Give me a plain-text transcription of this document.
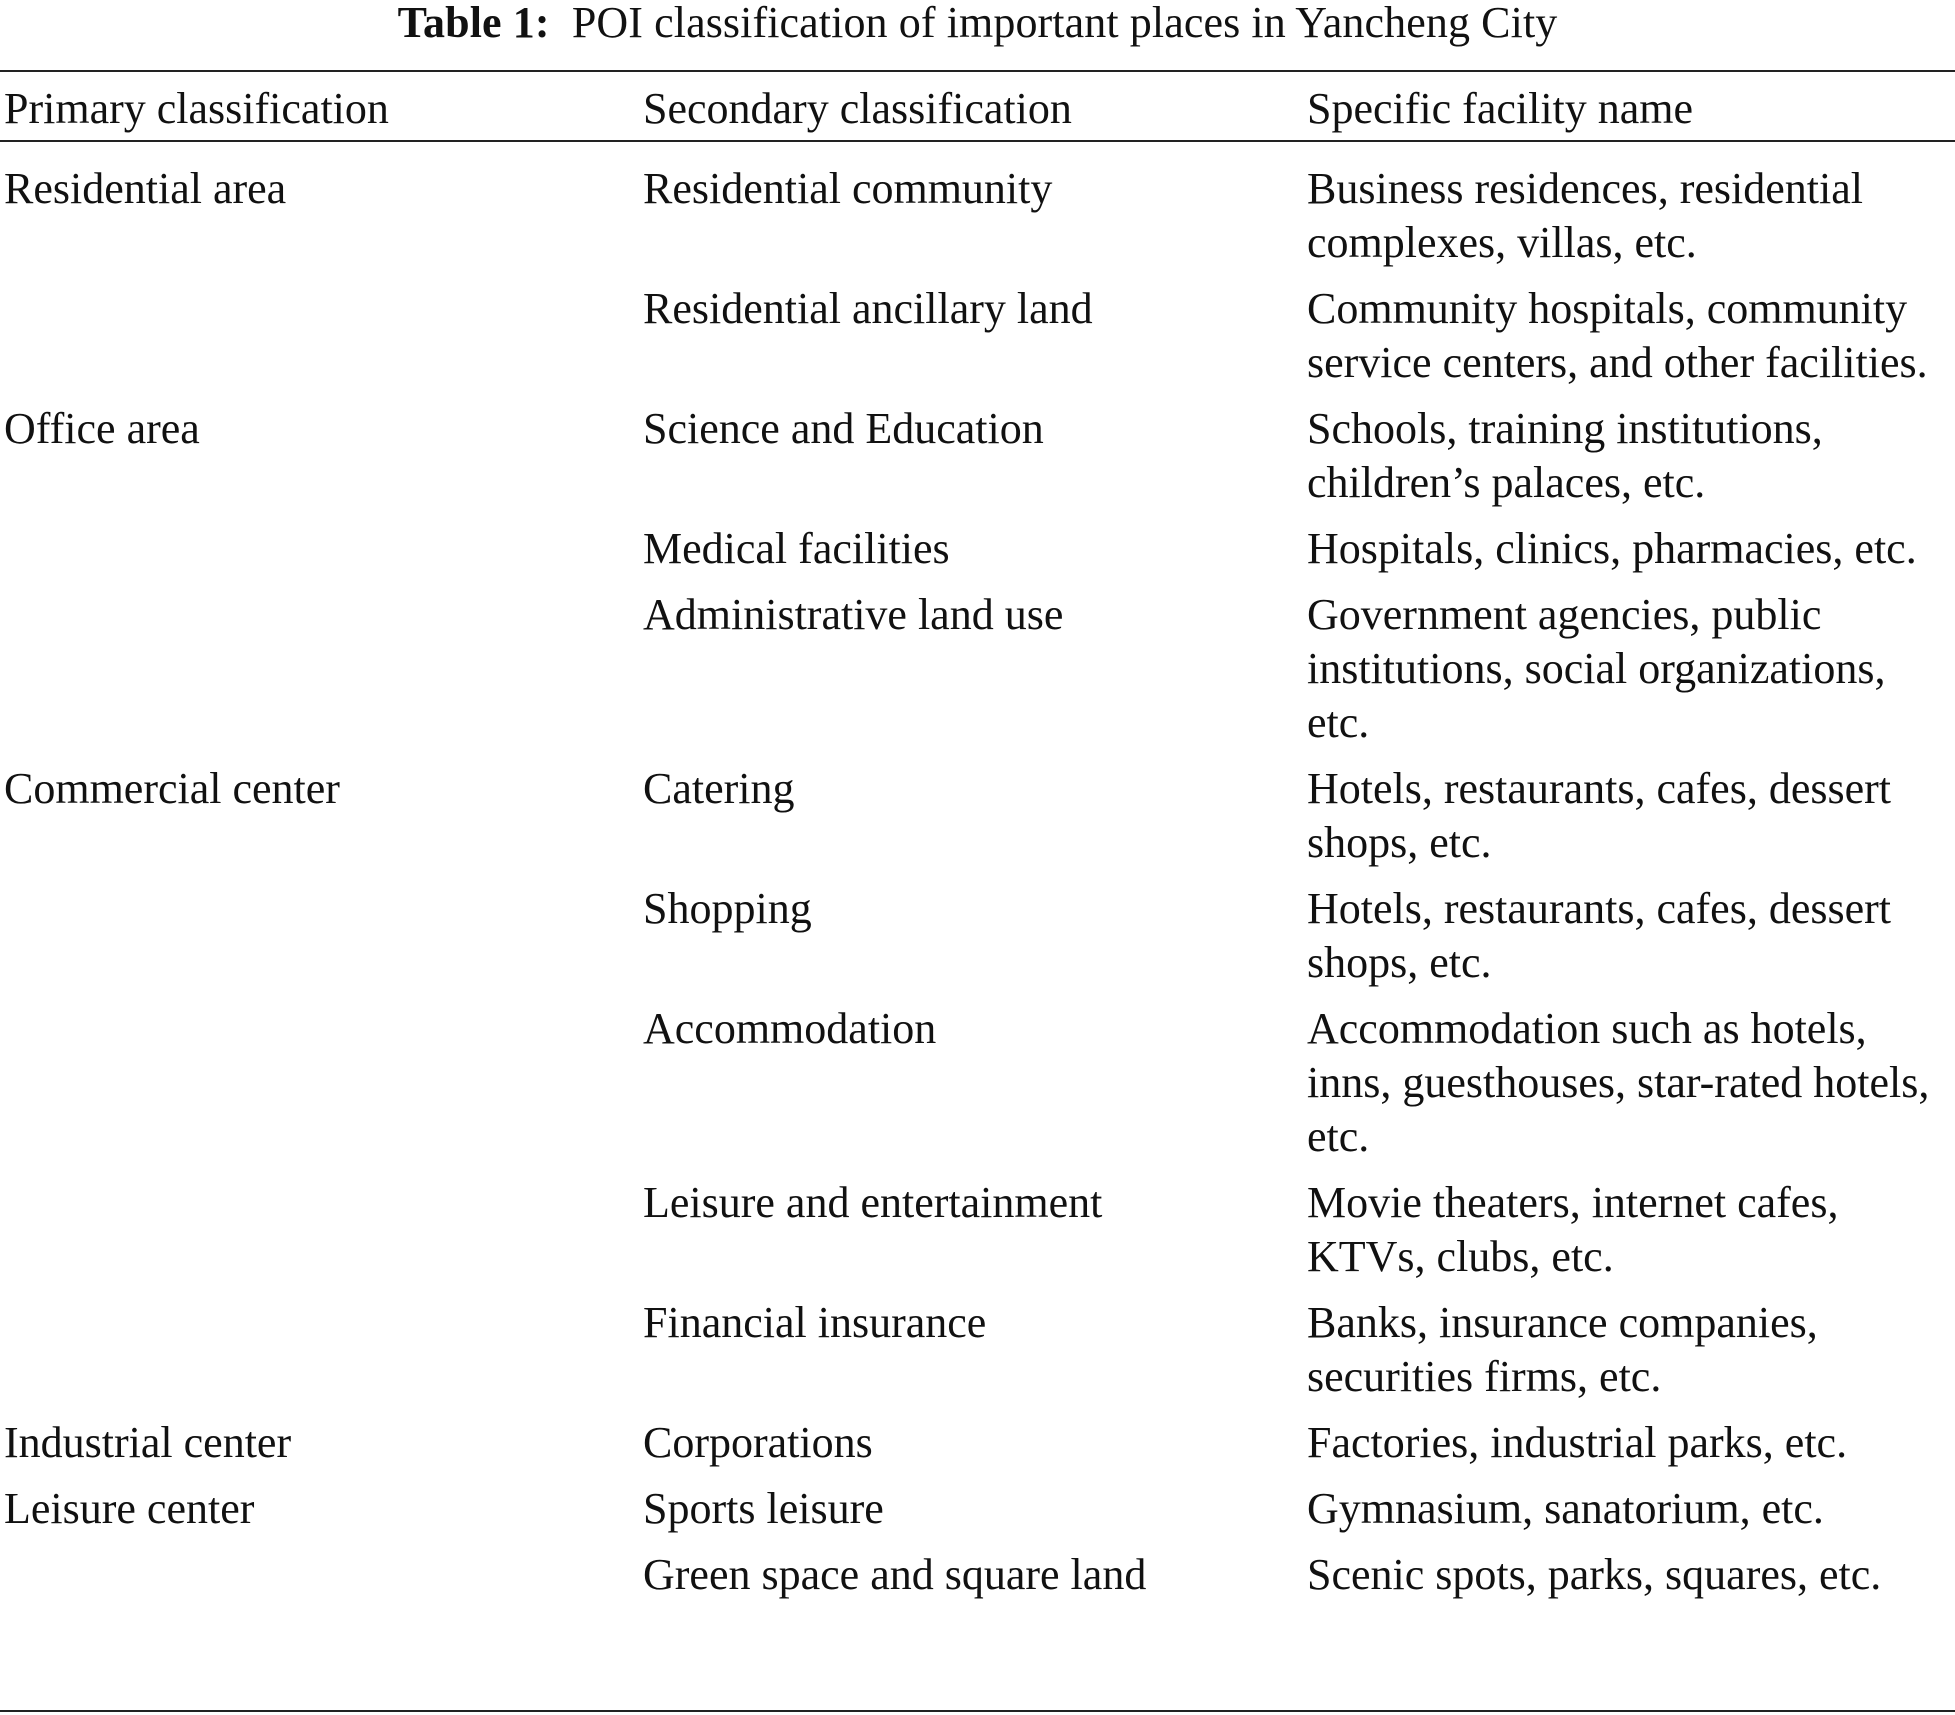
Table 1: POI classification of important places in Yancheng City
Primary classification	Secondary classification	Specific facility name
Residential area	Residential community	Business residences, residential complexes, villas, etc.
	Residential ancillary land	Community hospitals, community service centers, and other facilities.
Office area	Science and Education	Schools, training institutions, children’s palaces, etc.
	Medical facilities	Hospitals, clinics, pharmacies, etc.
	Administrative land use	Government agencies, public institutions, social organizations, etc.
Commercial center	Catering	Hotels, restaurants, cafes, dessert shops, etc.
	Shopping	Hotels, restaurants, cafes, dessert shops, etc.
	Accommodation	Accommodation such as hotels, inns, guesthouses, star-rated hotels, etc.
	Leisure and entertainment	Movie theaters, internet cafes, KTVs, clubs, etc.
	Financial insurance	Banks, insurance companies, securities firms, etc.
Industrial center	Corporations	Factories, industrial parks, etc.
Leisure center	Sports leisure	Gymnasium, sanatorium, etc.
	Green space and square land	Scenic spots, parks, squares, etc.
